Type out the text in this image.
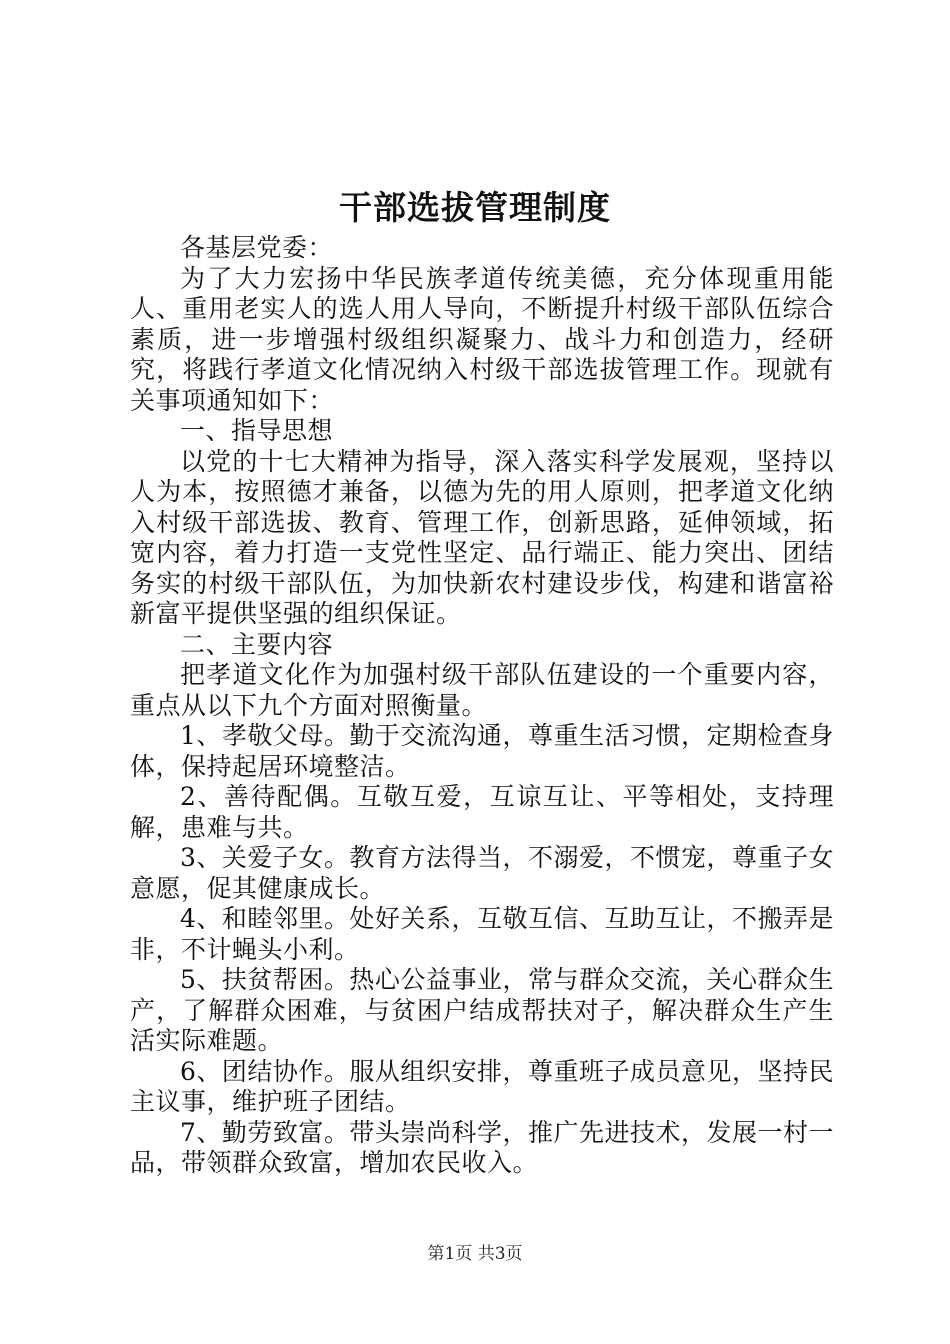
干部选拔管理制度

各基层党委：

为了大力宏扬中华民族孝道传统美德，充分体现重用能人、重用老实人的选人用人导向，不断提升村级干部队伍综合素质，进一步增强村级组织凝聚力、战斗力和创造力，经研究，将践行孝道文化情况纳入村级干部选拔管理工作。现就有关事项通知如下：

一、指导思想

以党的十七大精神为指导，深入落实科学发展观，坚持以人为本，按照德才兼备，以德为先的用人原则，把孝道文化纳入村级干部选拔、教育、管理工作，创新思路，延伸领域，拓宽内容，着力打造一支党性坚定、品行端正、能力突出、团结务实的村级干部队伍，为加快新农村建设步伐，构建和谐富裕新富平提供坚强的组织保证。

二、主要内容

把孝道文化作为加强村级干部队伍建设的一个重要内容，重点从以下九个方面对照衡量。

1、孝敬父母。勤于交流沟通，尊重生活习惯，定期检查身体，保持起居环境整洁。

2、善待配偶。互敬互爱，互谅互让、平等相处，支持理解，患难与共。

3、关爱子女。教育方法得当，不溺爱，不惯宠，尊重子女意愿，促其健康成长。

4、和睦邻里。处好关系，互敬互信、互助互让，不搬弄是非，不计蝇头小利。

5、扶贫帮困。热心公益事业，常与群众交流，关心群众生产，了解群众困难，与贫困户结成帮扶对子，解决群众生产生活实际难题。

6、团结协作。服从组织安排，尊重班子成员意见，坚持民主议事，维护班子团结。

7、勤劳致富。带头崇尚科学，推广先进技术，发展一村一品，带领群众致富，增加农民收入。

第1页 共3页
